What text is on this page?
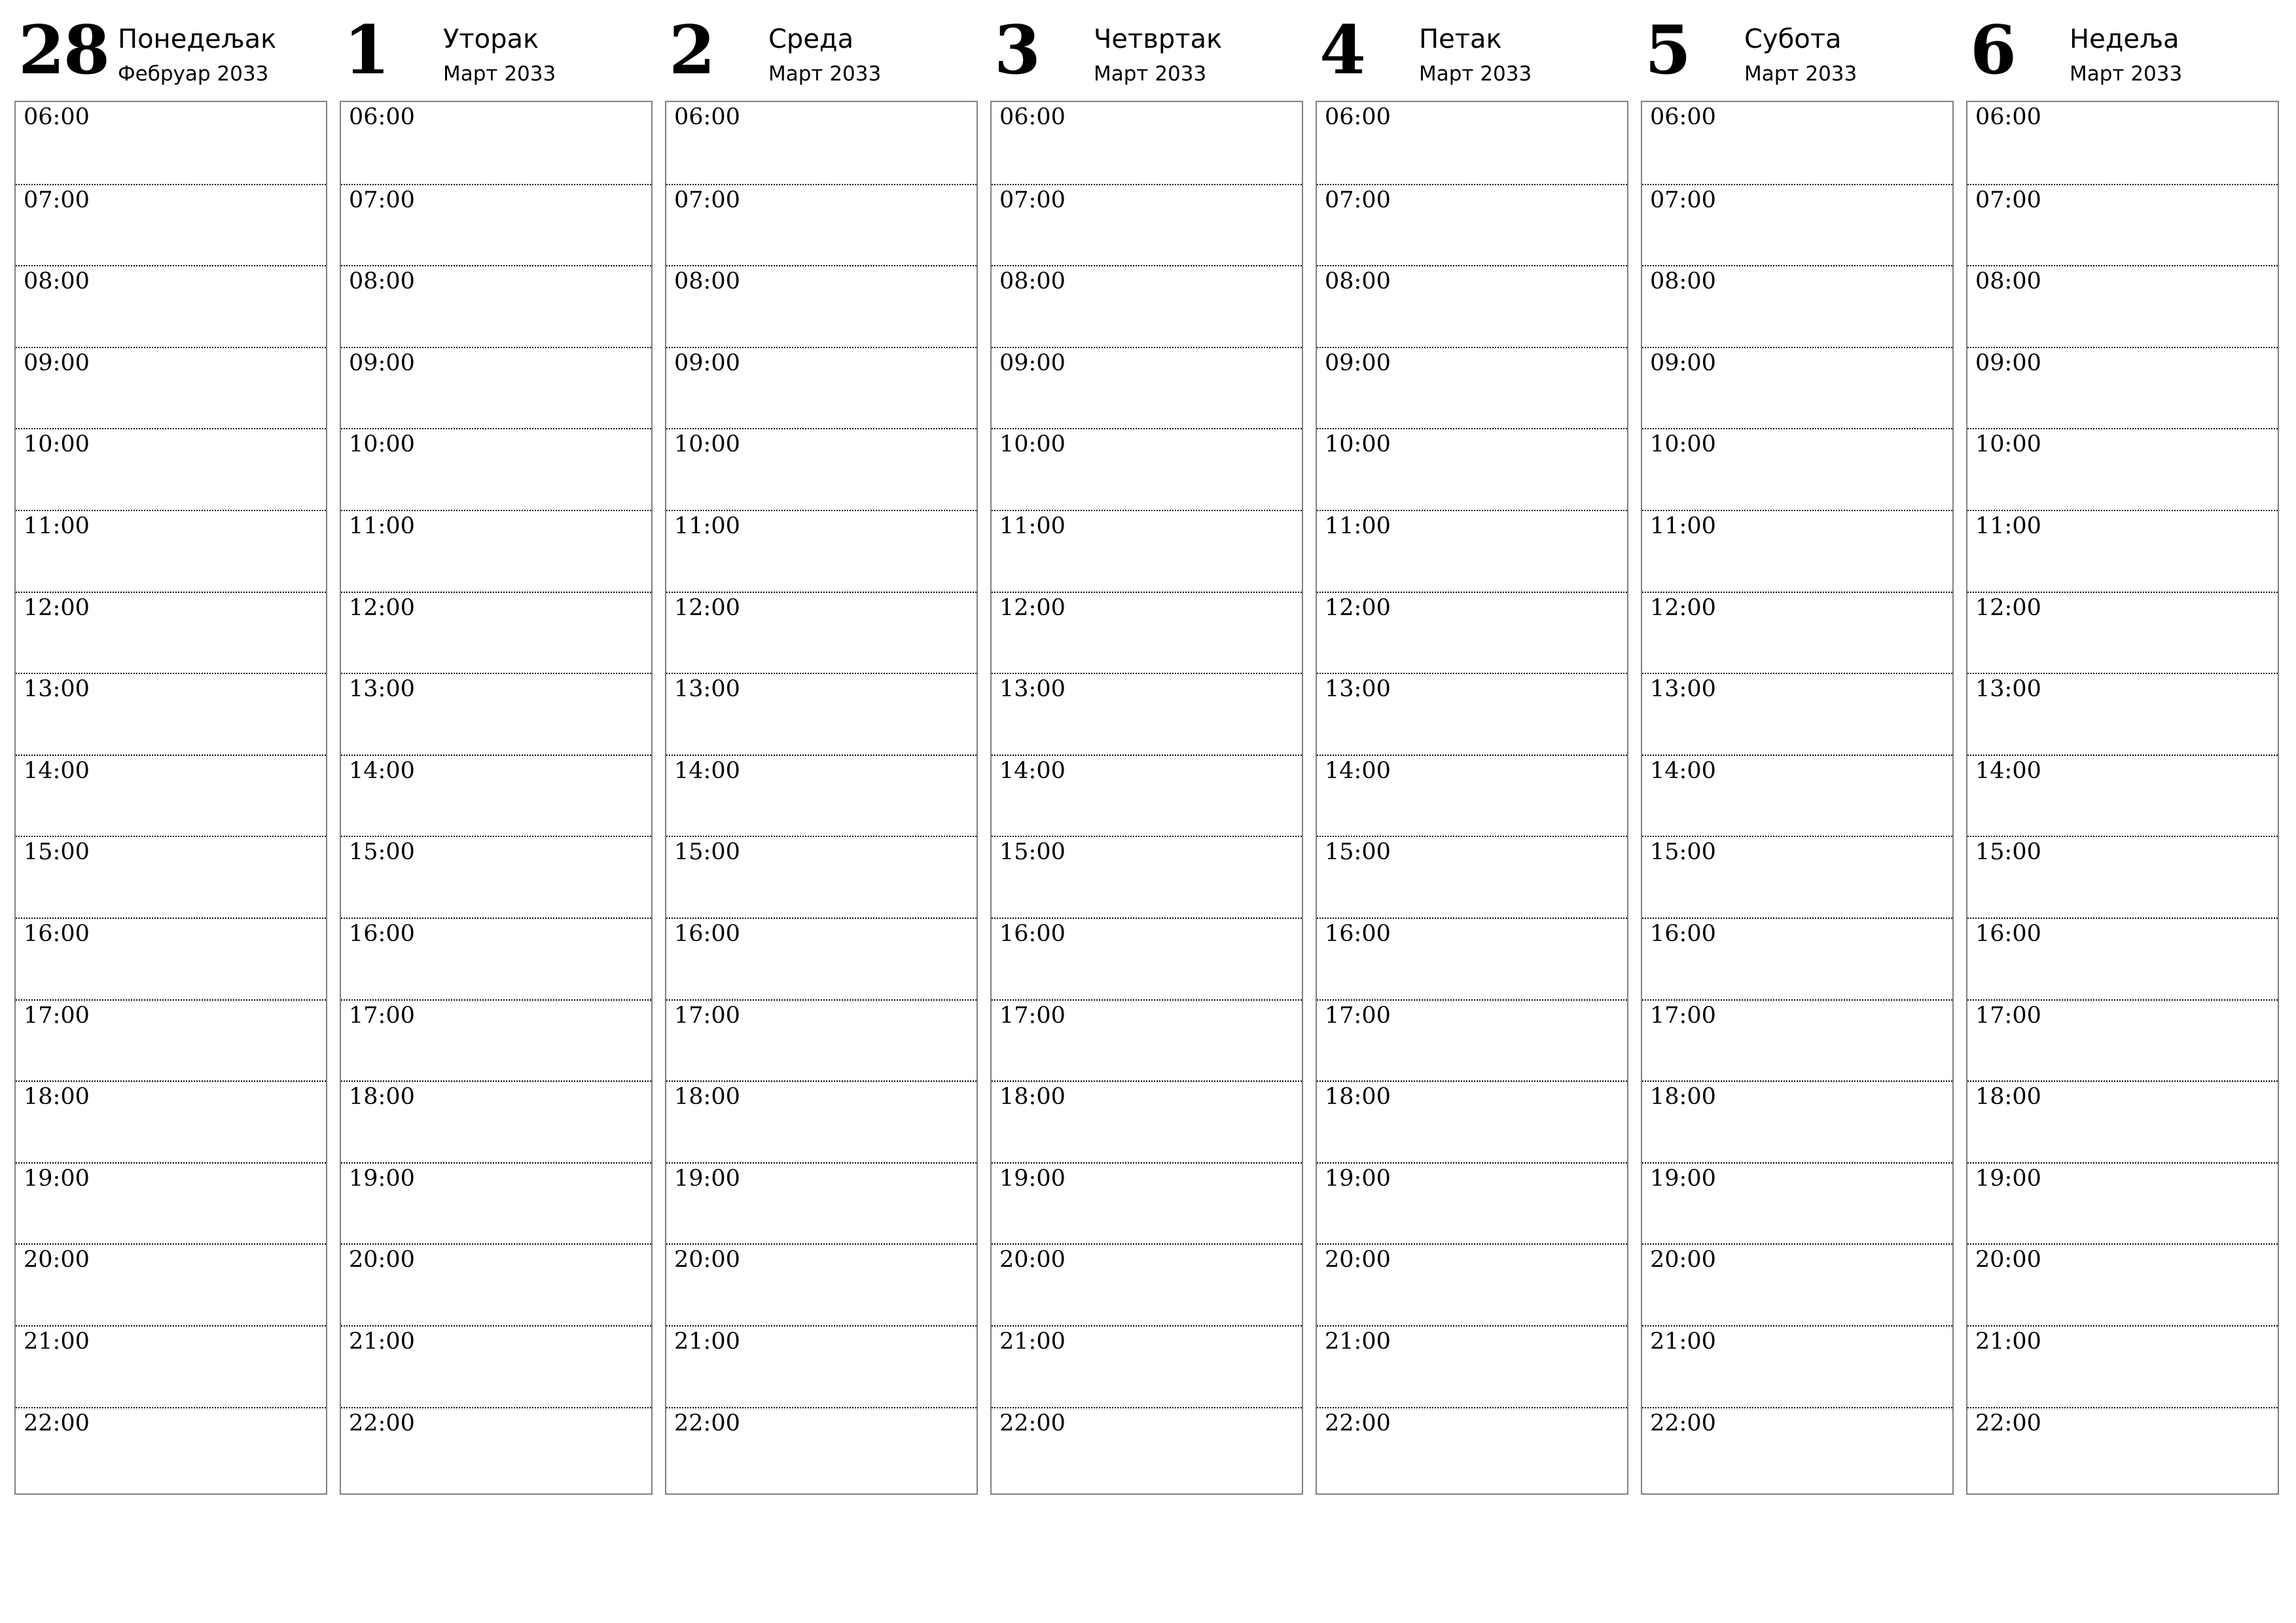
28 Понедељак
Фебруар 2033
06:00
07:00
08:00
09:00
10:00
11:00
12:00
13:00
14:00
15:00
16:00
17:00
18:00
19:00
20:00
21:00
22:00
1 Уторак
Март 2033
06:00
07:00
08:00
09:00
10:00
11:00
12:00
13:00
14:00
15:00
16:00
17:00
18:00
19:00
20:00
21:00
22:00
2 Среда
Март 2033
06:00
07:00
08:00
09:00
10:00
11:00
12:00
13:00
14:00
15:00
16:00
17:00
18:00
19:00
20:00
21:00
22:00
3 Четвртак
Март 2033
06:00
07:00
08:00
09:00
10:00
11:00
12:00
13:00
14:00
15:00
16:00
17:00
18:00
19:00
20:00
21:00
22:00
4 Петак
Март 2033
06:00
07:00
08:00
09:00
10:00
11:00
12:00
13:00
14:00
15:00
16:00
17:00
18:00
19:00
20:00
21:00
22:00
5 Субота
Март 2033
06:00
07:00
08:00
09:00
10:00
11:00
12:00
13:00
14:00
15:00
16:00
17:00
18:00
19:00
20:00
21:00
22:00
6 Недеља
Март 2033
06:00
07:00
08:00
09:00
10:00
11:00
12:00
13:00
14:00
15:00
16:00
17:00
18:00
19:00
20:00
21:00
22:00
